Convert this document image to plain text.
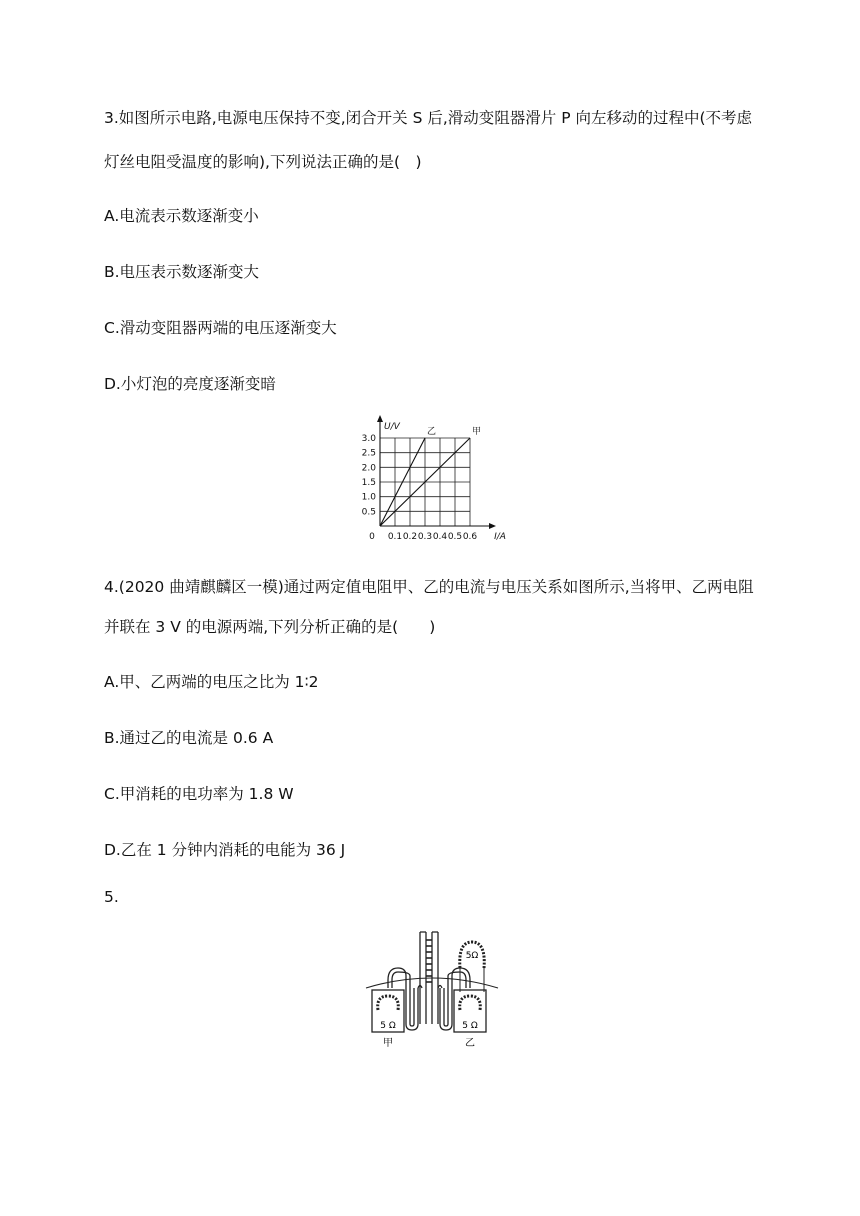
3.如图所示电路,电源电压保持不变,闭合开关 S 后,滑动变阻器滑片 P 向左移动的过程中(不考虑
灯丝电阻受温度的影响),下列说法正确的是(　)
A.电流表示数逐渐变小
B.电压表示数逐渐变大
C.滑动变阻器两端的电压逐渐变大
D.小灯泡的亮度逐渐变暗
0 0.1 0.2 0.3 0.4 0.5 0.6
0.5
1.0
1.5
2.0
2.5
3.0
I/A
U/V	甲
乙
4.(2020 曲靖麒麟区一模)通过两定值电阻甲、乙的电流与电压关系如图所示,当将甲、乙两电阻
并联在 3 V 的电源两端,下列分析正确的是(　　)
A.甲、乙两端的电压之比为 1∶2
B.通过乙的电流是 0.6 A
C.甲消耗的电功率为 1.8 W
D.乙在 1 分钟内消耗的电能为 36 J
5.
5 Ω	5 Ω
5Ω
甲	乙
